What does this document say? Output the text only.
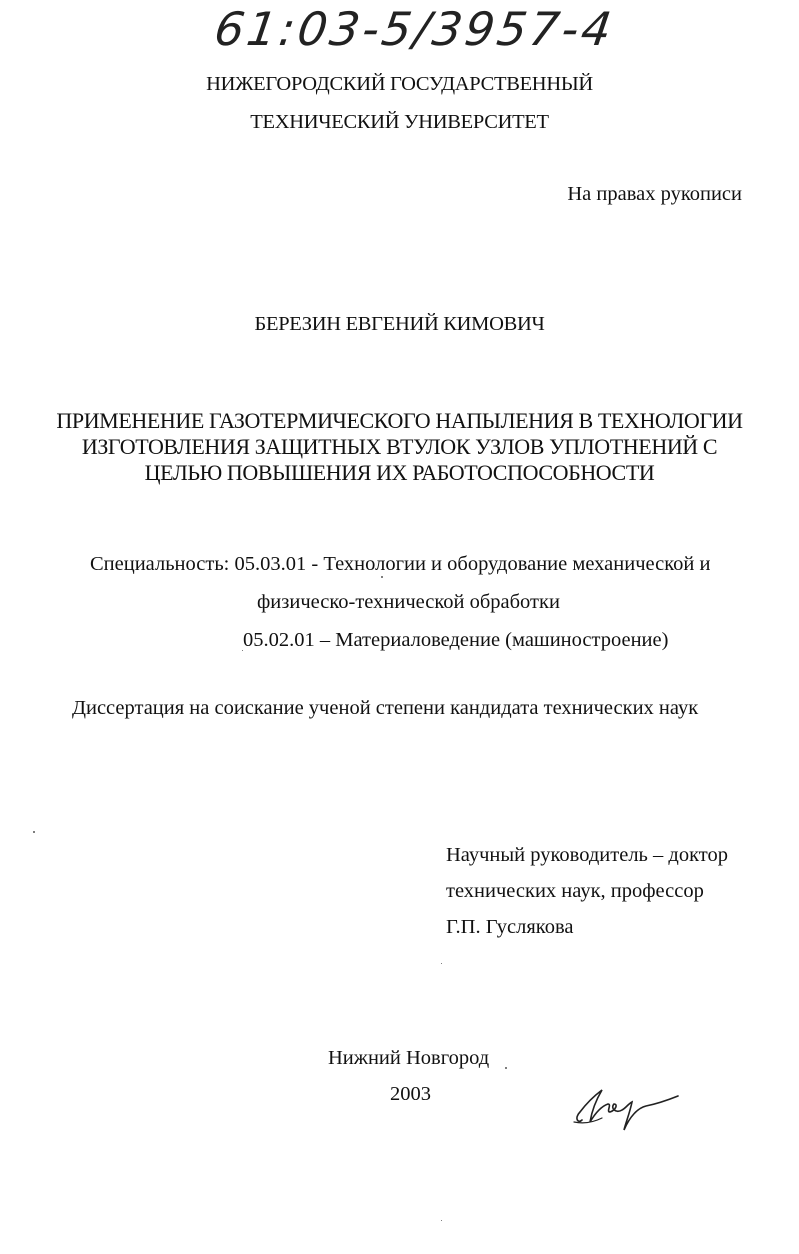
61:03-5/3957-4
НИЖЕГОРОДСКИЙ ГОСУДАРСТВЕННЫЙ
ТЕХНИЧЕСКИЙ УНИВЕРСИТЕТ
На правах рукописи
БЕРЕЗИН ЕВГЕНИЙ КИМОВИЧ
ПРИМЕНЕНИЕ ГАЗОТЕРМИЧЕСКОГО НАПЫЛЕНИЯ В ТЕХНОЛОГИИ
ИЗГОТОВЛЕНИЯ ЗАЩИТНЫХ ВТУЛОК УЗЛОВ УПЛОТНЕНИЙ С
ЦЕЛЬЮ ПОВЫШЕНИЯ ИХ РАБОТОСПОСОБНОСТИ
Специальность: 05.03.01 - Технологии и оборудование механической и
физическо-технической обработки
05.02.01 – Материаловедение (машиностроение)
Диссертация на соискание ученой степени кандидата технических наук
Научный руководитель – доктор
технических наук, профессор
Г.П. Гуслякова
Нижний Новгород
2003
